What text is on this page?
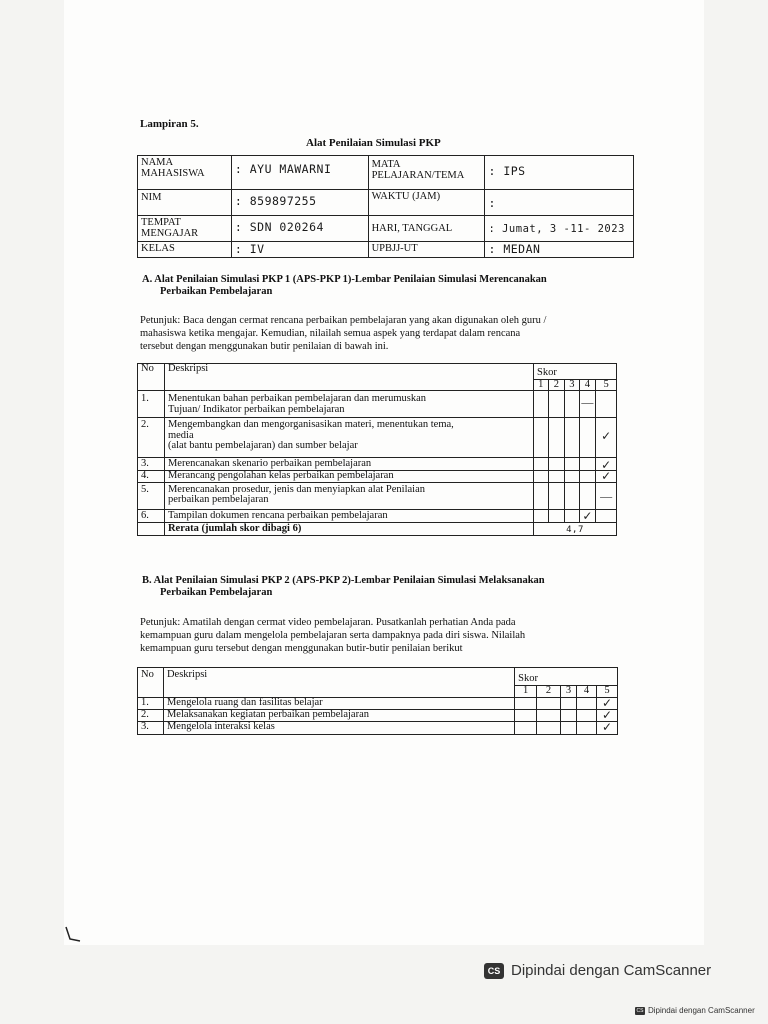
Lampiran 5.
Alat Penilaian Simulasi PKP
NAMA MAHASISWA	: AYU MAWARNI	MATA PELAJARAN/TEMA	: IPS
NIM	: 859897255	WAKTU (JAM)	:
TEMPAT MENGAJAR	: SDN 020264	HARI, TANGGAL	: Jumat, 3 -11- 2023
KELAS	: IV	UPBJJ-UT	: MEDAN
A. Alat Penilaian Simulasi PKP 1 (APS-PKP 1)-Lembar Penilaian Simulasi Merencanakan
Perbaikan Pembelajaran
Petunjuk: Baca dengan cermat rencana perbaikan pembelajaran yang akan digunakan oleh guru /
mahasiswa ketika mengajar. Kemudian, nilailah semua aspek yang terdapat dalam rencana
tersebut dengan menggunakan butir penilaian di bawah ini.
No	Deskripsi	Skor				
		1	2	3	4	5
1.	Menentukan bahan perbaikan pembelajaran dan merumuskan
Tujuan/ Indikator perbaikan pembelajaran				—	
2.	Mengembangkan dan mengorganisasikan materi, menentukan tema,
media
(alat bantu pembelajaran) dan sumber belajar					✓
3.	Merencanakan skenario perbaikan pembelajaran					✓
4.	Merancang pengolahan kelas perbaikan pembelajaran					✓
5.	Merencanakan prosedur, jenis dan menyiapkan alat Penilaian
perbaikan pembelajaran					—
6.	Tampilan dokumen rencana perbaikan pembelajaran				✓	
	Rerata (jumlah skor dibagi 6)	4,7				
B. Alat Penilaian Simulasi PKP 2 (APS-PKP 2)-Lembar Penilaian Simulasi Melaksanakan
Perbaikan Pembelajaran
Petunjuk: Amatilah dengan cermat video pembelajaran. Pusatkanlah perhatian Anda pada
kemampuan guru dalam mengelola pembelajaran serta dampaknya pada diri siswa. Nilailah
kemampuan guru tersebut dengan menggunakan butir-butir penilaian berikut
No	Deskripsi	Skor				
		1	2	3	4	5
1.	Mengelola ruang dan fasilitas belajar					✓
2.	Melaksanakan kegiatan perbaikan pembelajaran					✓
3.	Mengelola interaksi kelas					✓
CS Dipindai dengan CamScanner
CS Dipindai dengan CamScanner
